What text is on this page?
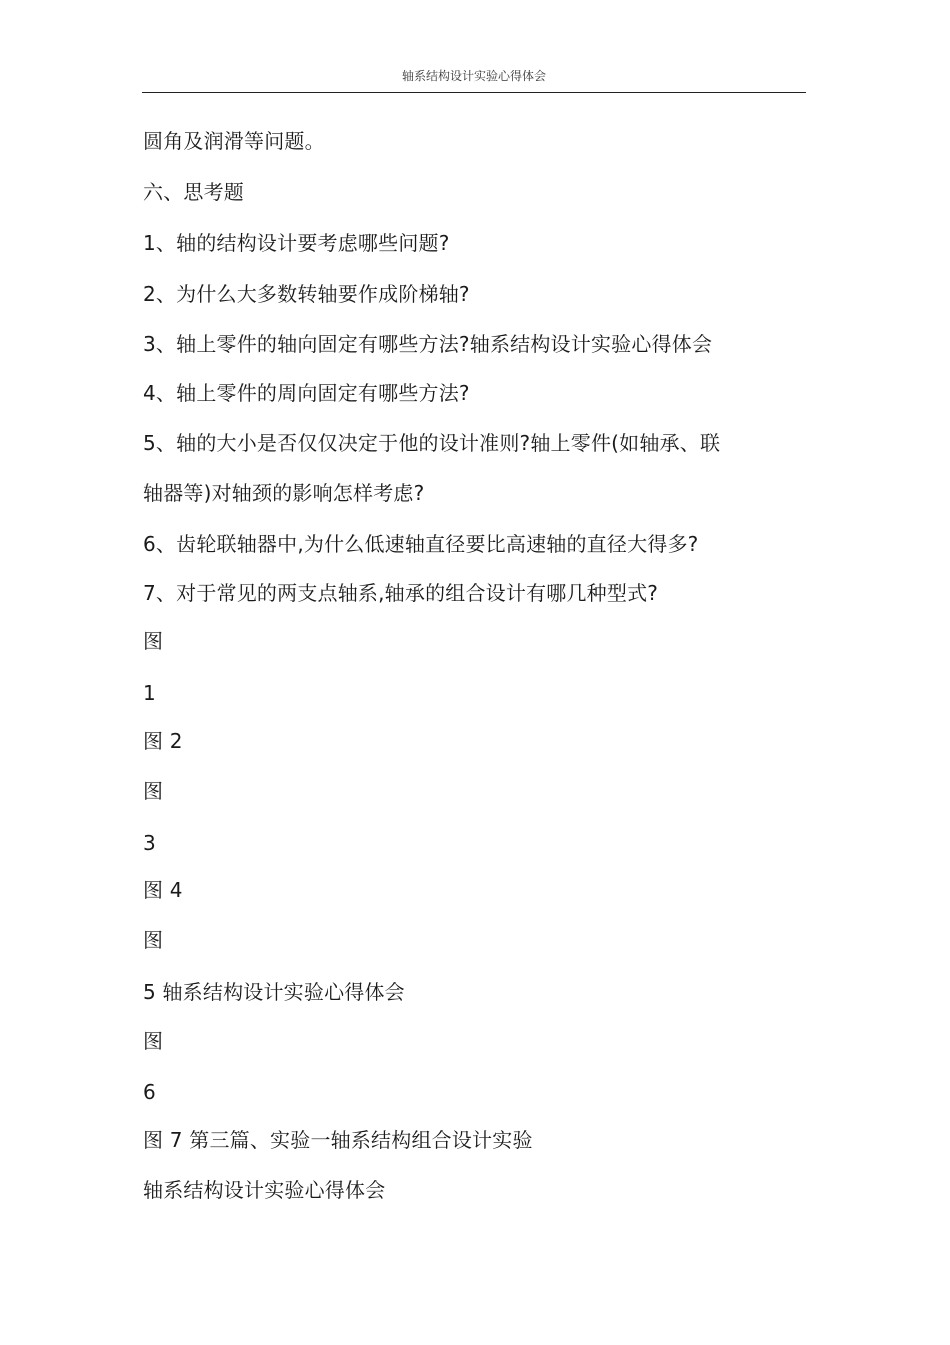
轴系结构设计实验心得体会
圆角及润滑等问题。
六、思考题
1、轴的结构设计要考虑哪些问题?
2、为什么大多数转轴要作成阶梯轴?
3、轴上零件的轴向固定有哪些方法?轴系结构设计实验心得体会
4、轴上零件的周向固定有哪些方法?
5、轴的大小是否仅仅决定于他的设计准则?轴上零件(如轴承、联
轴器等)对轴颈的影响怎样考虑?
6、齿轮联轴器中,为什么低速轴直径要比高速轴的直径大得多?
7、对于常见的两支点轴系,轴承的组合设计有哪几种型式?
图
1
图 2
图
3
图 4
图
5 轴系结构设计实验心得体会
图
6
图 7 第三篇、实验一轴系结构组合设计实验
轴系结构设计实验心得体会
